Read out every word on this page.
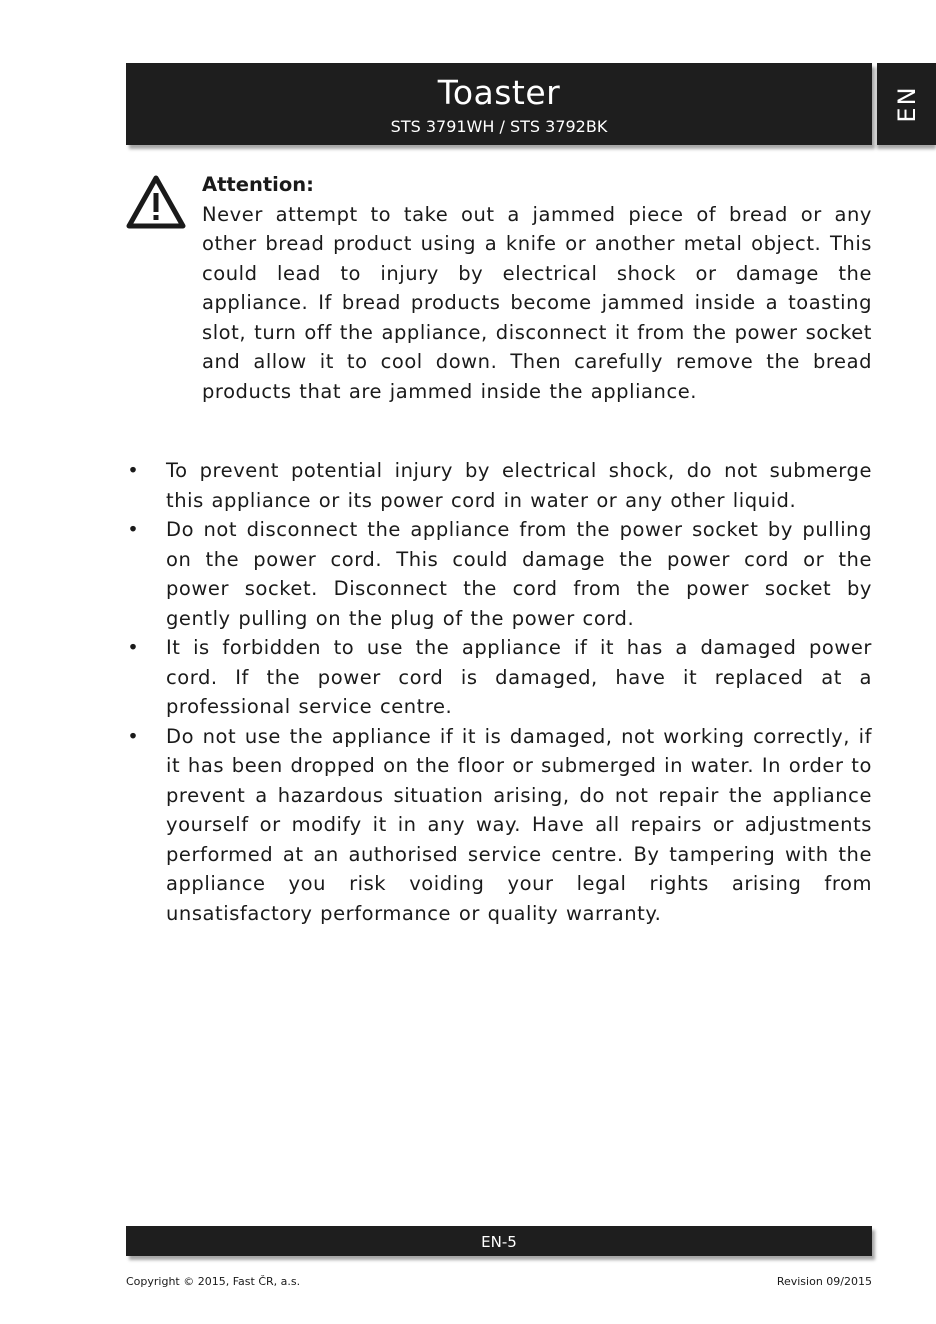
Toaster
STS 3791WH / STS 3792BK
EN
Attention:
Never attempt to take out a jammed piece of bread or any other bread product using a knife or another metal object. This could lead to injury by electrical shock or damage the appliance. If bread products become jammed inside a toasting slot, turn off the appliance, disconnect it from the power socket and allow it to cool down. Then carefully remove the bread products that are jammed inside the appliance.
• To prevent potential injury by electrical shock, do not submerge this appliance or its power cord in water or any other liquid.
• Do not disconnect the appliance from the power socket by pulling on the power cord. This could damage the power cord or the power socket. Disconnect the cord from the power socket by gently pulling on the plug of the power cord.
• It is forbidden to use the appliance if it has a damaged power cord. If the power cord is damaged, have it replaced at a professional service centre.
• Do not use the appliance if it is damaged, not working correctly, if it has been dropped on the floor or submerged in water. In order to prevent a hazardous situation arising, do not repair the appliance yourself or modify it in any way. Have all repairs or adjustments performed at an authorised service centre. By tampering with the appliance you risk voiding your legal rights arising from unsatisfactory performance or quality warranty.
EN-5
Copyright © 2015, Fast ČR, a.s.	Revision 09/2015
